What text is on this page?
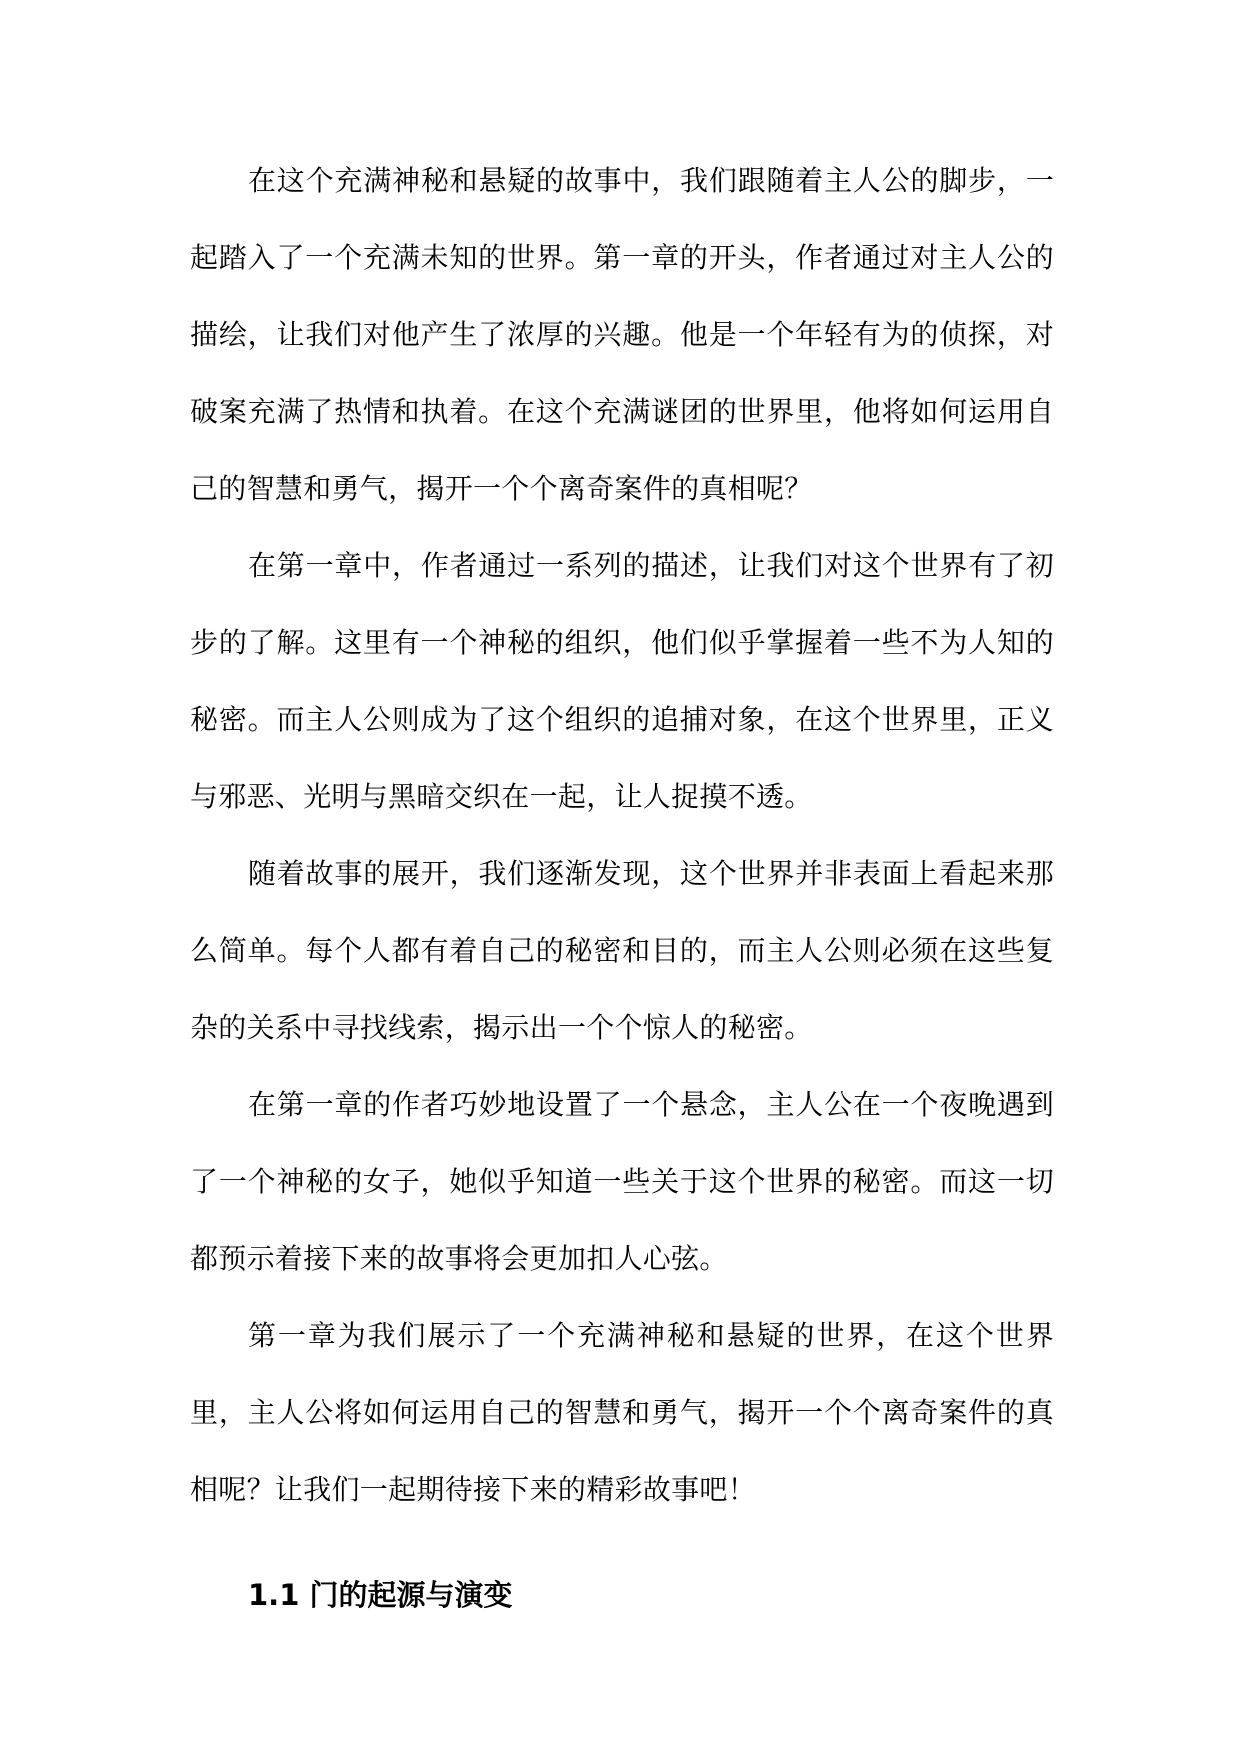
在这个充满神秘和悬疑的故事中，我们跟随着主人公的脚步，一起踏入了一个充满未知的世界。第一章的开头，作者通过对主人公的描绘，让我们对他产生了浓厚的兴趣。他是一个年轻有为的侦探，对破案充满了热情和执着。在这个充满谜团的世界里，他将如何运用自己的智慧和勇气，揭开一个个离奇案件的真相呢？

在第一章中，作者通过一系列的描述，让我们对这个世界有了初步的了解。这里有一个神秘的组织，他们似乎掌握着一些不为人知的秘密。而主人公则成为了这个组织的追捕对象，在这个世界里，正义与邪恶、光明与黑暗交织在一起，让人捉摸不透。

随着故事的展开，我们逐渐发现，这个世界并非表面上看起来那么简单。每个人都有着自己的秘密和目的，而主人公则必须在这些复杂的关系中寻找线索，揭示出一个个惊人的秘密。

在第一章的作者巧妙地设置了一个悬念，主人公在一个夜晚遇到了一个神秘的女子，她似乎知道一些关于这个世界的秘密。而这一切都预示着接下来的故事将会更加扣人心弦。

第一章为我们展示了一个充满神秘和悬疑的世界，在这个世界里，主人公将如何运用自己的智慧和勇气，揭开一个个离奇案件的真相呢？让我们一起期待接下来的精彩故事吧！

1.1 门的起源与演变
